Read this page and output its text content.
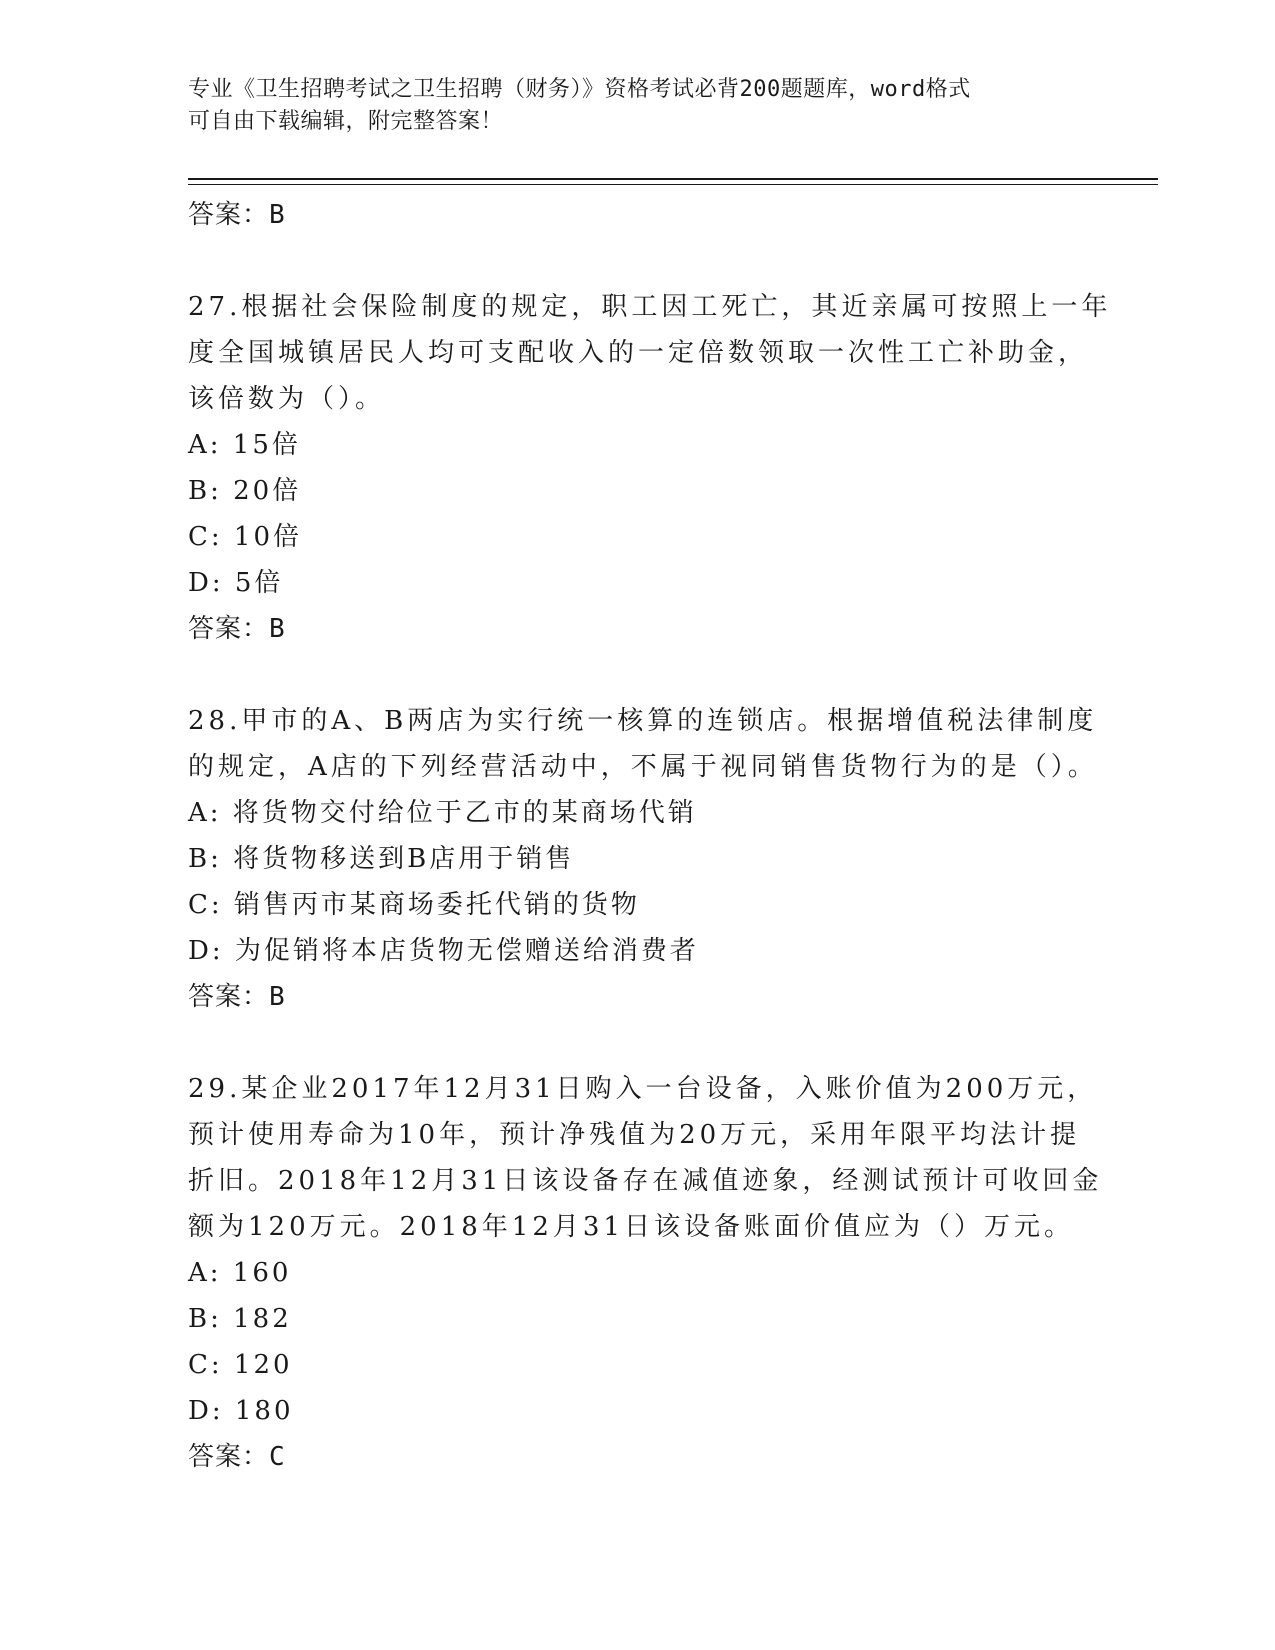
专业《卫生招聘考试之卫生招聘（财务）》资格考试必背200题题库，word格式
可自由下载编辑，附完整答案！
答案：B
27.根据社会保险制度的规定，职工因工死亡，其近亲属可按照上一年
度全国城镇居民人均可支配收入的一定倍数领取一次性工亡补助金，
该倍数为（）。
A: 15倍
B: 20倍
C: 10倍
D: 5倍
答案：B
28.甲市的A、B两店为实行统一核算的连锁店。根据增值税法律制度
的规定，A店的下列经营活动中，不属于视同销售货物行为的是（）。
A: 将货物交付给位于乙市的某商场代销
B: 将货物移送到B店用于销售
C: 销售丙市某商场委托代销的货物
D: 为促销将本店货物无偿赠送给消费者
答案：B
29.某企业2017年12月31日购入一台设备，入账价值为200万元，
预计使用寿命为10年，预计净残值为20万元，采用年限平均法计提
折旧。2018年12月31日该设备存在减值迹象，经测试预计可收回金
额为120万元。2018年12月31日该设备账面价值应为（）万元。
A: 160
B: 182
C: 120
D: 180
答案：C
